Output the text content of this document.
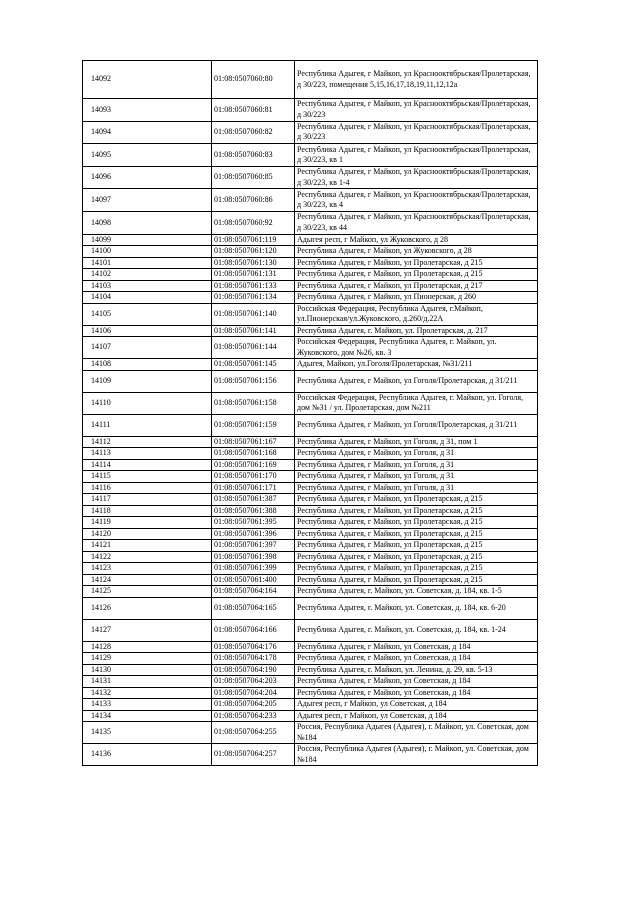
14092	01:08:0507060:80	Республика Адыгея, г Майкоп, ул Краснооктябрьская/Пролетарская, д 30/223, помещения 5,15,16,17,18,19,11,12,12а
14093	01:08:0507060:81	Республика Адыгея, г Майкоп, ул Краснооктябрьская/Пролетарская, д 30/223
14094	01:08:0507060:82	Республика Адыгея, г Майкоп, ул Краснооктябрьская/Пролетарская, д 30/223
14095	01:08:0507060:83	Республика Адыгея, г Майкоп, ул Краснооктябрьская/Пролетарская, д 30/223, кв 1
14096	01:08:0507060:85	Республика Адыгея, г Майкоп, ул Краснооктябрьская/Пролетарская, д 30/223, кв 1-4
14097	01:08:0507060:86	Республика Адыгея, г Майкоп, ул Краснооктябрьская/Пролетарская, д 30/223, кв 4
14098	01:08:0507060:92	Республика Адыгея, г Майкоп, ул Краснооктябрьская/Пролетарская, д 30/223, кв 44
14099	01:08:0507061:119	Адыгея респ, г Майкоп, ул Жуковского, д 28
14100	01:08:0507061:120	Республика Адыгея, г Майкоп, ул Жуковского, д 28
14101	01:08:0507061:130	Республика Адыгея, г Майкоп, ул Пролетарская, д 215
14102	01:08:0507061:131	Республика Адыгея, г Майкоп, ул Пролетарская, д 215
14103	01:08:0507061:133	Республика Адыгея, г Майкоп, ул Пролетарская, д 217
14104	01:08:0507061:134	Республика Адыгея, г Майкоп, ул Пионерская, д 260
14105	01:08:0507061:140	Российская Федерация, Республика Адыгея, г.Майкоп, ул.Пионерская/ул.Жуковского, д.260/д.22А
14106	01:08:0507061:141	Республика Адыгея, г. Майкоп, ул. Пролетарская, д. 217
14107	01:08:0507061:144	Российская Федерация, Республика Адыгея, г. Майкоп, ул. Жуковского, дом №26, кв. 3
14108	01:08:0507061:145	Адыгея, Майкоп, ул.Гоголя/Пролетарская, №31/211
14109	01:08:0507061:156	Республика Адыгея, г Майкоп, ул Гоголя/Пролетарская, д 31/211
14110	01:08:0507061:158	Российская Федерация, Республика Адыгея, г. Майкоп, ул. Гоголя, дом №31 / ул. Пролетарская, дом №211
14111	01:08:0507061:159	Республика Адыгея, г Майкоп, ул Гоголя/Пролетарская, д 31/211
14112	01:08:0507061:167	Республика Адыгея, г Майкоп, ул Гоголя, д 31, пом 1
14113	01:08:0507061:168	Республика Адыгея, г Майкоп, ул Гоголя, д 31
14114	01:08:0507061:169	Республика Адыгея, г Майкоп, ул Гоголя, д 31
14115	01:08:0507061:170	Республика Адыгея, г Майкоп, ул Гоголя, д 31
14116	01:08:0507061:171	Республика Адыгея, г Майкоп, ул Гоголя, д 31
14117	01:08:0507061:387	Республика Адыгея, г Майкоп, ул Пролетарская, д 215
14118	01:08:0507061:388	Республика Адыгея, г Майкоп, ул Пролетарская, д 215
14119	01:08:0507061:395	Республика Адыгея, г Майкоп, ул Пролетарская, д 215
14120	01:08:0507061:396	Республика Адыгея, г Майкоп, ул Пролетарская, д 215
14121	01:08:0507061:397	Республика Адыгея, г Майкоп, ул Пролетарская, д 215
14122	01:08:0507061:398	Республика Адыгея, г Майкоп, ул Пролетарская, д 215
14123	01:08:0507061:399	Республика Адыгея, г Майкоп, ул Пролетарская, д 215
14124	01:08:0507061:400	Республика Адыгея, г Майкоп, ул Пролетарская, д 215
14125	01:08:0507064:164	Республика Адыгея, г. Майкоп, ул. Советская, д. 184, кв. 1-5
14126	01:08:0507064:165	Республика Адыгея, г. Майкоп, ул. Советская, д. 184, кв. 6-20
14127	01:08:0507064:166	Республика Адыгея, г. Майкоп, ул. Советская, д. 184, кв. 1-24
14128	01:08:0507064:176	Республика Адыгея, г Майкоп, ул Советская, д 184
14129	01:08:0507064:178	Республика Адыгея, г Майкоп, ул Советская, д 184
14130	01:08:0507064:190	Республика Адыгея, г. Майкоп, ул. Ленина, д. 29, кв. 5-13
14131	01:08:0507064:203	Республика Адыгея, г Майкоп, ул Советская, д 184
14132	01:08:0507064:204	Республика Адыгея, г Майкоп, ул Советская, д 184
14133	01:08:0507064:205	Адыгея респ, г Майкоп, ул Советская, д 184
14134	01:08:0507064:233	Адыгея респ, г Майкоп, ул Советская, д 184
14135	01:08:0507064:255	Россия, Республика Адыгея (Адыгея), г. Майкоп, ул. Советская, дом №184
14136	01:08:0507064:257	Россия, Республика Адыгея (Адыгея), г. Майкоп, ул. Советская, дом №184
